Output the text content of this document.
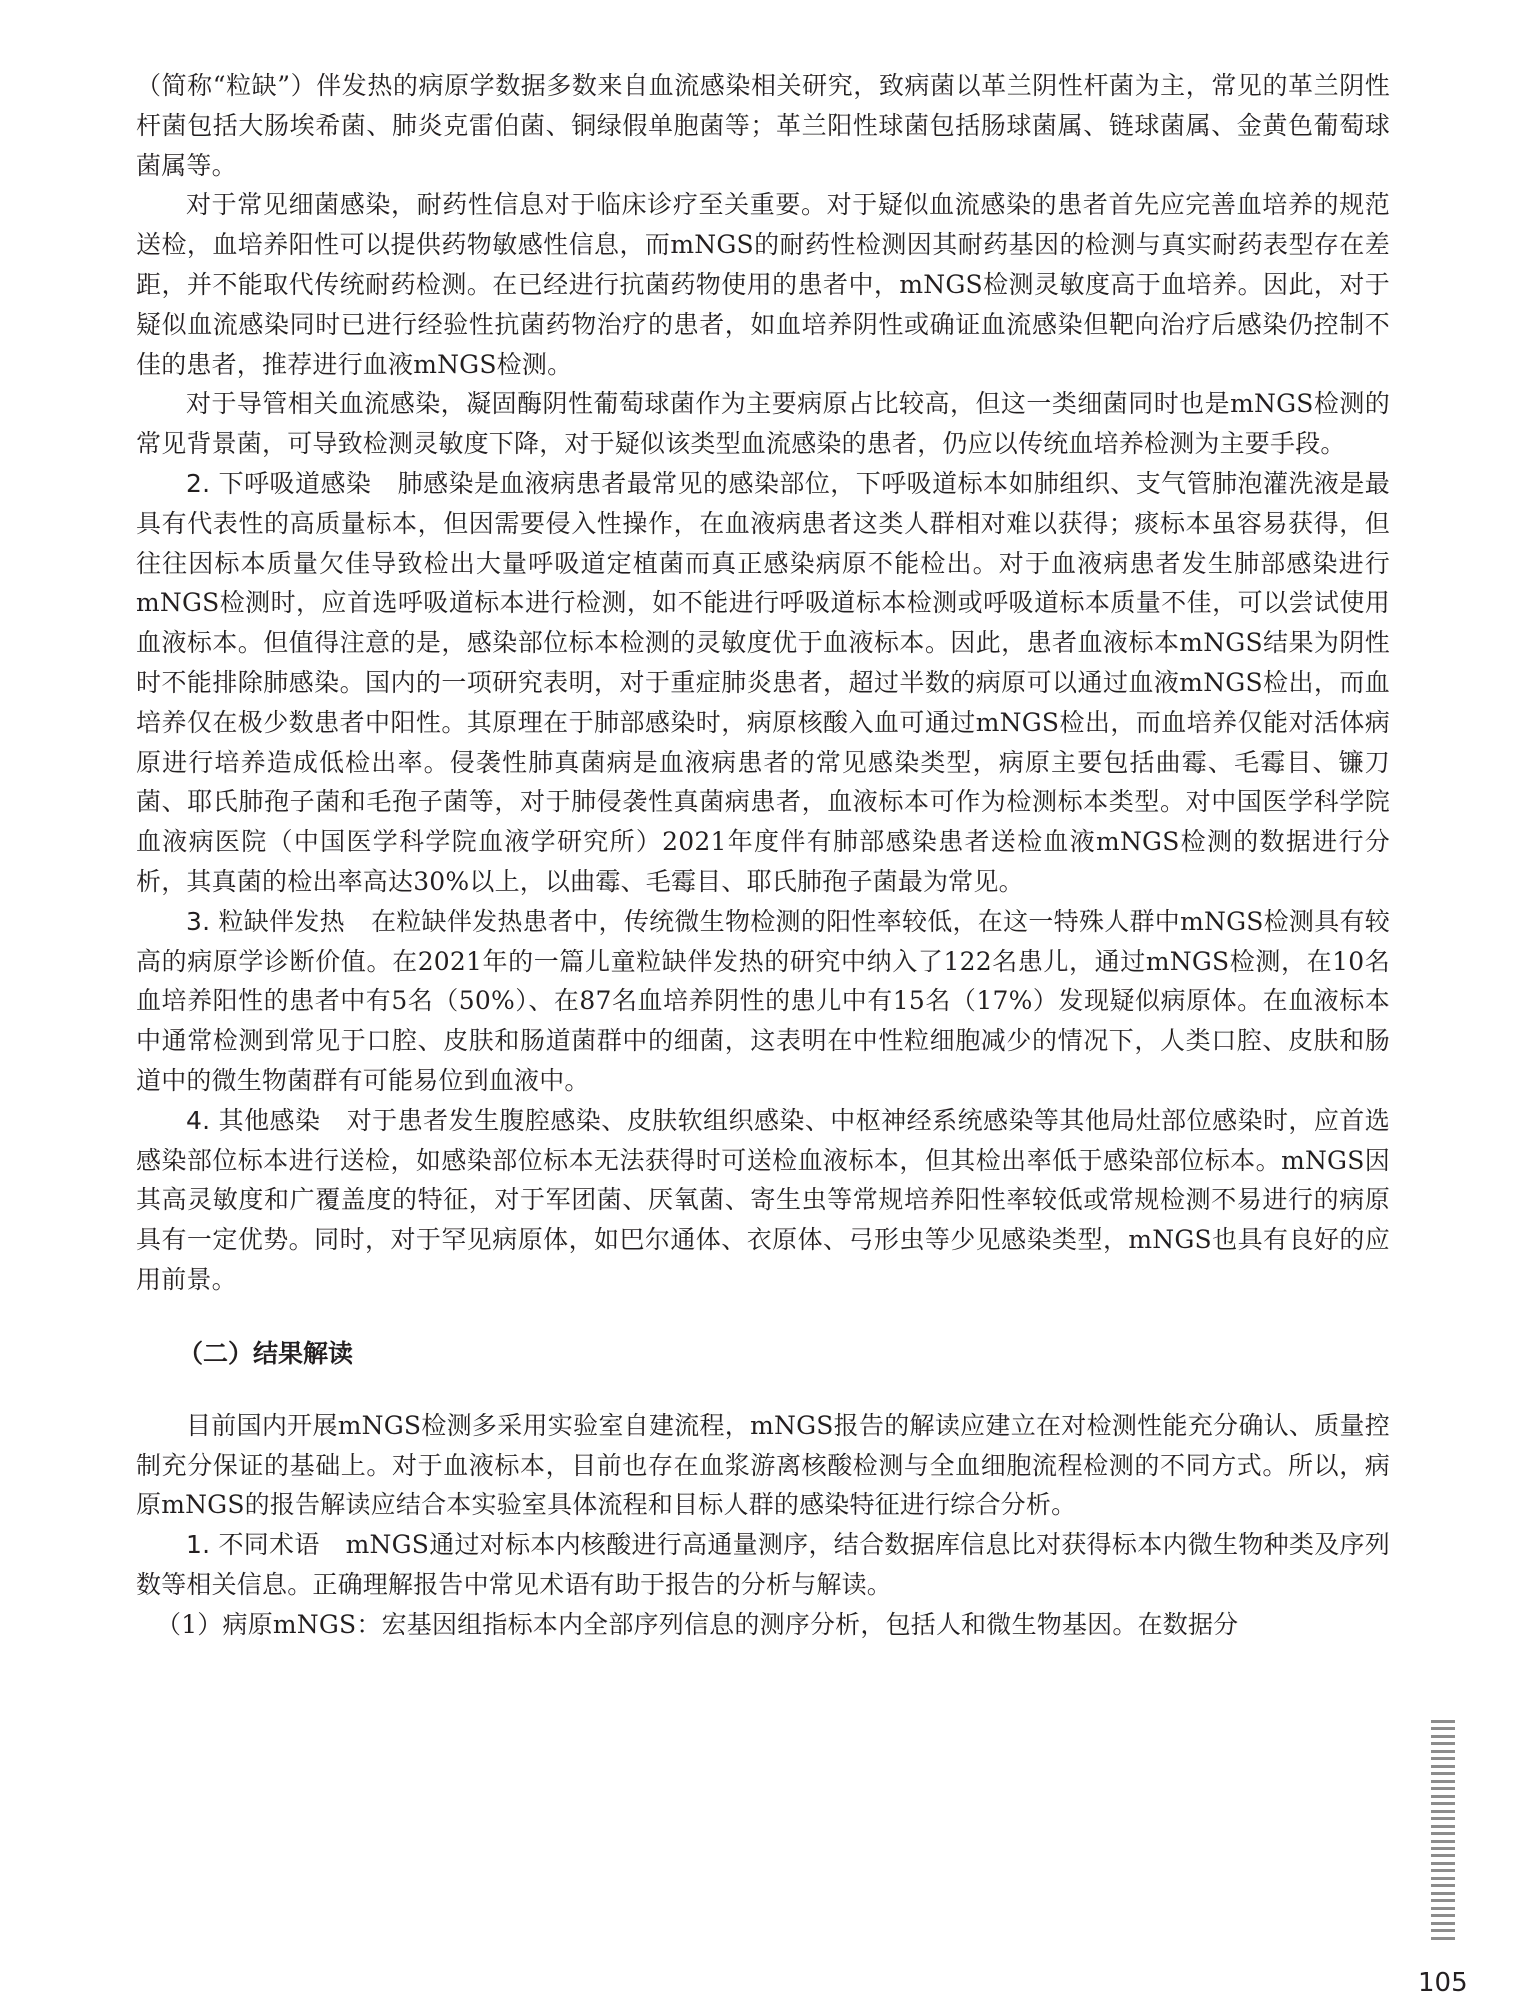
（简称“粒缺”）伴发热的病原学数据多数来自血流感染相关研究，致病菌以革兰阴性杆菌为主，常见的革兰阴性杆菌包括大肠埃希菌、肺炎克雷伯菌、铜绿假单胞菌等；革兰阳性球菌包括肠球菌属、链球菌属、金黄色葡萄球菌属等。

对于常见细菌感染，耐药性信息对于临床诊疗至关重要。对于疑似血流感染的患者首先应完善血培养的规范送检，血培养阳性可以提供药物敏感性信息，而mNGS的耐药性检测因其耐药基因的检测与真实耐药表型存在差距，并不能取代传统耐药检测。在已经进行抗菌药物使用的患者中，mNGS检测灵敏度高于血培养。因此，对于疑似血流感染同时已进行经验性抗菌药物治疗的患者，如血培养阴性或确证血流感染但靶向治疗后感染仍控制不佳的患者，推荐进行血液mNGS检测。

对于导管相关血流感染，凝固酶阴性葡萄球菌作为主要病原占比较高，但这一类细菌同时也是mNGS检测的常见背景菌，可导致检测灵敏度下降，对于疑似该类型血流感染的患者，仍应以传统血培养检测为主要手段。

2. 下呼吸道感染 肺感染是血液病患者最常见的感染部位，下呼吸道标本如肺组织、支气管肺泡灌洗液是最具有代表性的高质量标本，但因需要侵入性操作，在血液病患者这类人群相对难以获得；痰标本虽容易获得，但往往因标本质量欠佳导致检出大量呼吸道定植菌而真正感染病原不能检出。对于血液病患者发生肺部感染进行mNGS检测时，应首选呼吸道标本进行检测，如不能进行呼吸道标本检测或呼吸道标本质量不佳，可以尝试使用血液标本。但值得注意的是，感染部位标本检测的灵敏度优于血液标本。因此，患者血液标本mNGS结果为阴性时不能排除肺感染。国内的一项研究表明，对于重症肺炎患者，超过半数的病原可以通过血液mNGS检出，而血培养仅在极少数患者中阳性。其原理在于肺部感染时，病原核酸入血可通过mNGS检出，而血培养仅能对活体病原进行培养造成低检出率。侵袭性肺真菌病是血液病患者的常见感染类型，病原主要包括曲霉、毛霉目、镰刀菌、耶氏肺孢子菌和毛孢子菌等，对于肺侵袭性真菌病患者，血液标本可作为检测标本类型。对中国医学科学院血液病医院（中国医学科学院血液学研究所）2021年度伴有肺部感染患者送检血液mNGS检测的数据进行分析，其真菌的检出率高达30%以上，以曲霉、毛霉目、耶氏肺孢子菌最为常见。

3. 粒缺伴发热 在粒缺伴发热患者中，传统微生物检测的阳性率较低，在这一特殊人群中mNGS检测具有较高的病原学诊断价值。在2021年的一篇儿童粒缺伴发热的研究中纳入了122名患儿，通过mNGS检测，在10名血培养阳性的患者中有5名（50%）、在87名血培养阴性的患儿中有15名（17%）发现疑似病原体。在血液标本中通常检测到常见于口腔、皮肤和肠道菌群中的细菌，这表明在中性粒细胞减少的情况下，人类口腔、皮肤和肠道中的微生物菌群有可能易位到血液中。

4. 其他感染 对于患者发生腹腔感染、皮肤软组织感染、中枢神经系统感染等其他局灶部位感染时，应首选感染部位标本进行送检，如感染部位标本无法获得时可送检血液标本，但其检出率低于感染部位标本。mNGS因其高灵敏度和广覆盖度的特征，对于军团菌、厌氧菌、寄生虫等常规培养阳性率较低或常规检测不易进行的病原具有一定优势。同时，对于罕见病原体，如巴尔通体、衣原体、弓形虫等少见感染类型，mNGS也具有良好的应用前景。

（二）结果解读

目前国内开展mNGS检测多采用实验室自建流程，mNGS报告的解读应建立在对检测性能充分确认、质量控制充分保证的基础上。对于血液标本，目前也存在血浆游离核酸检测与全血细胞流程检测的不同方式。所以，病原mNGS的报告解读应结合本实验室具体流程和目标人群的感染特征进行综合分析。

1. 不同术语 mNGS通过对标本内核酸进行高通量测序，结合数据库信息比对获得标本内微生物种类及序列数等相关信息。正确理解报告中常见术语有助于报告的分析与解读。

（1）病原mNGS：宏基因组指标本内全部序列信息的测序分析，包括人和微生物基因。在数据分

105
